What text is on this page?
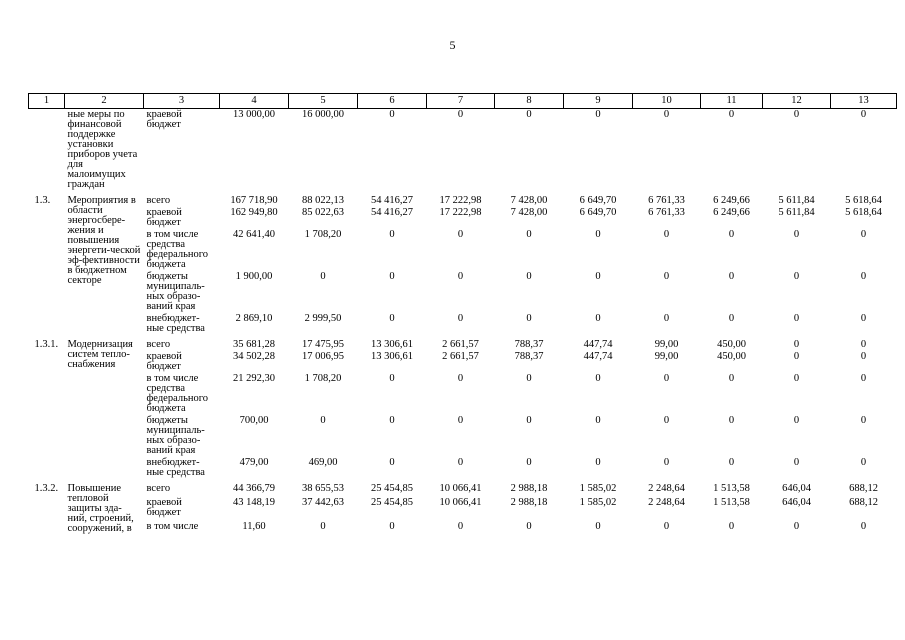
5
1	2	3	4	5	6	7	8	9	10	11	12	13
	ные меры по финансовой поддержке установки приборов учета для малоимущих граждан	краевой бюджет	13 000,00	16 000,00	0	0	0	0	0	0	0	0

1.3.	Мероприятия в области энергосбере-жения и повышения энергети-ческой эф-фективности в бюджетном секторе	всего	167 718,90	88 022,13	54 416,27	17 222,98	7 428,00	6 649,70	6 761,33	6 249,66	5 611,84	5 618,64
		краевой бюджет	162 949,80	85 022,63	54 416,27	17 222,98	7 428,00	6 649,70	6 761,33	6 249,66	5 611,84	5 618,64
		в том числе средства федерального бюджета	42 641,40	1 708,20	0	0	0	0	0	0	0	0
		бюджеты муниципаль-ных образо-ваний края	1 900,00	0	0	0	0	0	0	0	0	0
		внебюджет-ные средства	2 869,10	2 999,50	0	0	0	0	0	0	0	0

1.3.1.	Модернизация систем тепло-снабжения	всего	35 681,28	17 475,95	13 306,61	2 661,57	788,37	447,74	99,00	450,00	0	0
		краевой бюджет	34 502,28	17 006,95	13 306,61	2 661,57	788,37	447,74	99,00	450,00	0	0
		в том числе средства федерального бюджета	21 292,30	1 708,20	0	0	0	0	0	0	0	0
		бюджеты муниципаль-ных образо-ваний края	700,00	0	0	0	0	0	0	0	0	0
		внебюджет-ные средства	479,00	469,00	0	0	0	0	0	0	0	0

1.3.2.	Повышение тепловой защиты зда-ний, строений, сооружений, в	всего	44 366,79	38 655,53	25 454,85	10 066,41	2 988,18	1 585,02	2 248,64	1 513,58	646,04	688,12
		краевой бюджет	43 148,19	37 442,63	25 454,85	10 066,41	2 988,18	1 585,02	2 248,64	1 513,58	646,04	688,12
		в том числе	11,60	0	0	0	0	0	0	0	0	0
